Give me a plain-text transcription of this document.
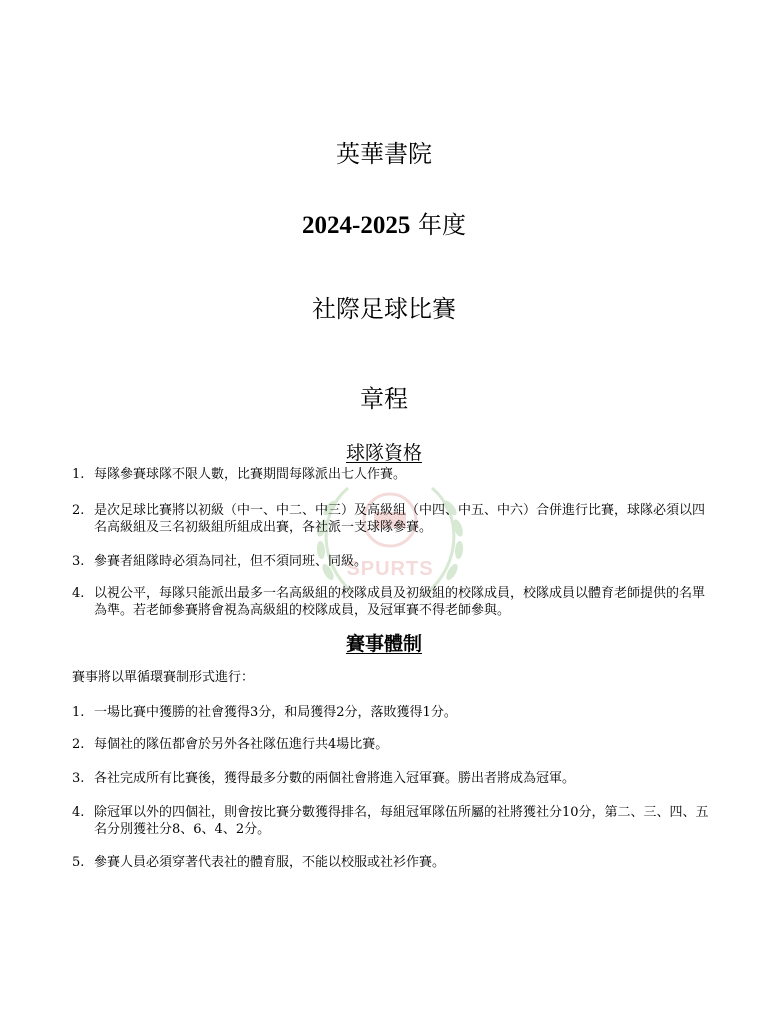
SPURTS
英華書院
2024-2025 年度
社際足球比賽
章程
球隊資格
1. 每隊參賽球隊不限人數，比賽期間每隊派出七人作賽。
2. 是次足球比賽將以初級（中一、中二、中三）及高級組（中四、中五、中六）合併進行比賽，球隊必須以四名高級組及三名初級組所組成出賽，各社派一支球隊參賽。
3. 參賽者組隊時必須為同社，但不須同班、同級。
4. 以視公平，每隊只能派出最多一名高級組的校隊成員及初級組的校隊成員，校隊成員以體育老師提供的名單為準。若老師參賽將會視為高級組的校隊成員，及冠軍賽不得老師參與。
賽事體制
賽事將以單循環賽制形式進行：
1. 一場比賽中獲勝的社會獲得3分，和局獲得2分，落敗獲得1分。
2. 每個社的隊伍都會於另外各社隊伍進行共4場比賽。
3. 各社完成所有比賽後，獲得最多分數的兩個社會將進入冠軍賽。勝出者將成為冠軍。
4. 除冠軍以外的四個社，則會按比賽分數獲得排名，每組冠軍隊伍所屬的社將獲社分10分，第二、三、四、五名分別獲社分8、6、4、2分。
5. 參賽人員必須穿著代表社的體育服，不能以校服或社衫作賽。
